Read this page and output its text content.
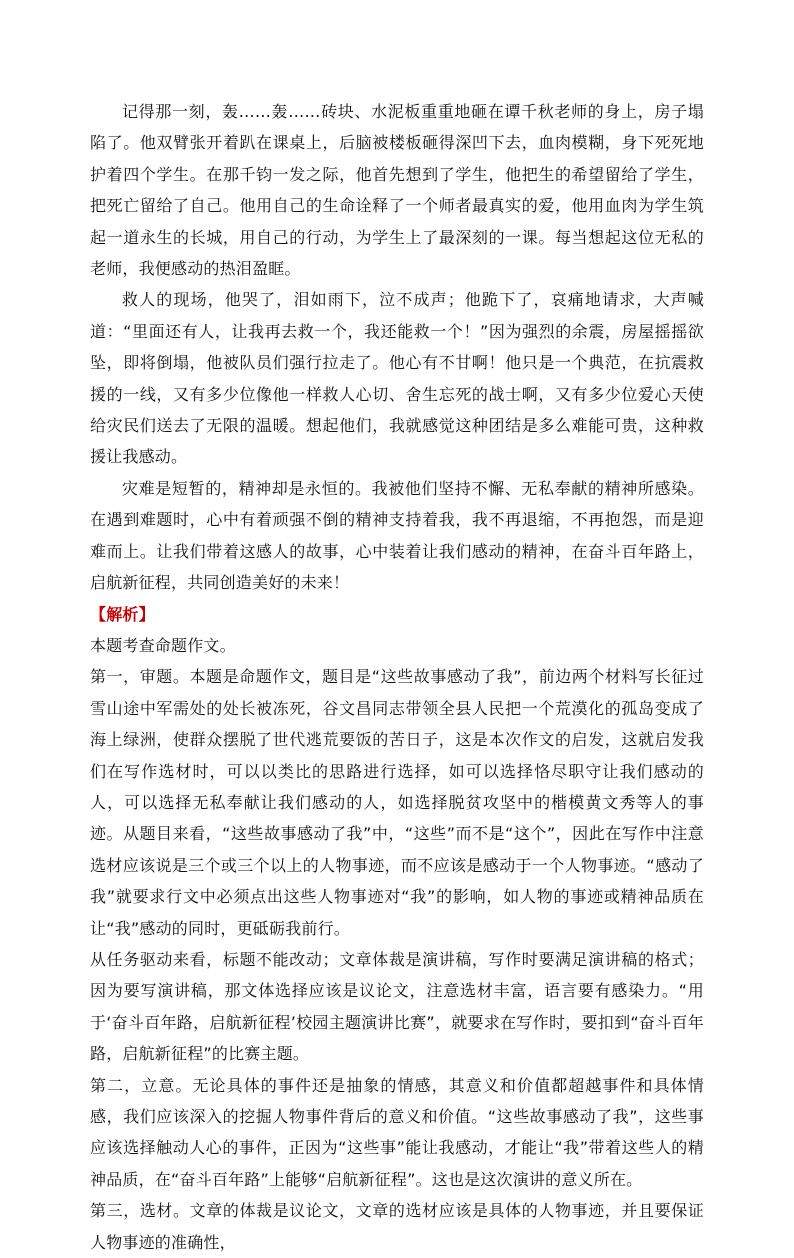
记得那一刻，轰……轰……砖块、水泥板重重地砸在谭千秋老师的身上，房子塌陷了。他双臂张开着趴在课桌上，后脑被楼板砸得深凹下去，血肉模糊，身下死死地护着四个学生。在那千钧一发之际，他首先想到了学生，他把生的希望留给了学生，把死亡留给了自己。他用自己的生命诠释了一个师者最真实的爱，他用血肉为学生筑起一道永生的长城，用自己的行动，为学生上了最深刻的一课。每当想起这位无私的老师，我便感动的热泪盈眶。

救人的现场，他哭了，泪如雨下，泣不成声；他跪下了，哀痛地请求，大声喊道：“里面还有人，让我再去救一个，我还能救一个！”因为强烈的余震，房屋摇摇欲坠，即将倒塌，他被队员们强行拉走了。他心有不甘啊！他只是一个典范，在抗震救援的一线，又有多少位像他一样救人心切、舍生忘死的战士啊，又有多少位爱心天使给灾民们送去了无限的温暖。想起他们，我就感觉这种团结是多么难能可贵，这种救援让我感动。

灾难是短暂的，精神却是永恒的。我被他们坚持不懈、无私奉献的精神所感染。在遇到难题时，心中有着顽强不倒的精神支持着我，我不再退缩，不再抱怨，而是迎难而上。让我们带着这感人的故事，心中装着让我们感动的精神，在奋斗百年路上，启航新征程，共同创造美好的未来！

【解析】

本题考查命题作文。

第一，审题。本题是命题作文，题目是“这些故事感动了我”，前边两个材料写长征过雪山途中军需处的处长被冻死，谷文昌同志带领全县人民把一个荒漠化的孤岛变成了海上绿洲，使群众摆脱了世代逃荒要饭的苦日子，这是本次作文的启发，这就启发我们在写作选材时，可以以类比的思路进行选择，如可以选择恪尽职守让我们感动的人，可以选择无私奉献让我们感动的人，如选择脱贫攻坚中的楷模黄文秀等人的事迹。从题目来看，“这些故事感动了我”中，“这些”而不是“这个”，因此在写作中注意选材应该说是三个或三个以上的人物事迹，而不应该是感动于一个人物事迹。“感动了我”就要求行文中必须点出这些人物事迹对“我”的影响，如人物的事迹或精神品质在让“我”感动的同时，更砥砺我前行。

从任务驱动来看，标题不能改动；文章体裁是演讲稿，写作时要满足演讲稿的格式；因为要写演讲稿，那文体选择应该是议论文，注意选材丰富，语言要有感染力。“用于‘奋斗百年路，启航新征程’校园主题演讲比赛”，就要求在写作时，要扣到“奋斗百年路，启航新征程”的比赛主题。

第二，立意。无论具体的事件还是抽象的情感，其意义和价值都超越事件和具体情感，我们应该深入的挖掘人物事件背后的意义和价值。“这些故事感动了我”，这些事应该选择触动人心的事件，正因为“这些事”能让我感动，才能让“我”带着这些人的精神品质，在“奋斗百年路”上能够“启航新征程”。这也是这次演讲的意义所在。

第三，选材。文章的体裁是议论文，文章的选材应该是具体的人物事迹，并且要保证人物事迹的准确性，
